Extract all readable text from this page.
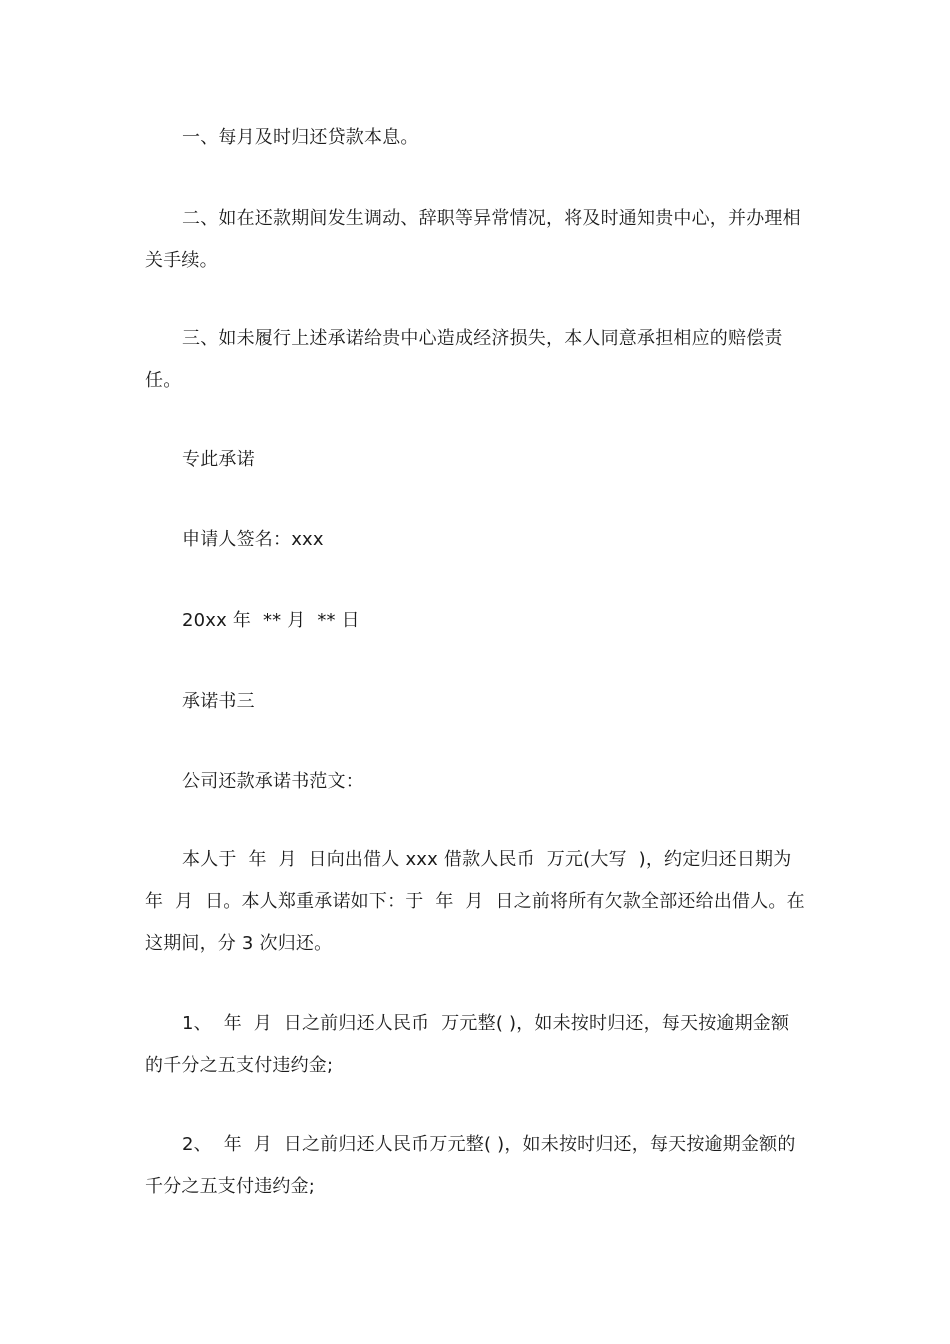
一、每月及时归还贷款本息。

二、如在还款期间发生调动、辞职等异常情况，将及时通知贵中心，并办理相关手续。

三、如未履行上述承诺给贵中心造成经济损失，本人同意承担相应的赔偿责任。

专此承诺

申请人签名：xxx

20xx 年  ** 月  ** 日

承诺书三

公司还款承诺书范文：

本人于  年  月  日向出借人 xxx 借款人民币  万元(大写  )，约定归还日期为  年  月  日。本人郑重承诺如下：于  年  月  日之前将所有欠款全部还给出借人。在这期间，分 3 次归还。

1、  年  月  日之前归还人民币  万元整( )，如未按时归还，每天按逾期金额的千分之五支付违约金;

2、  年  月  日之前归还人民币万元整( )，如未按时归还，每天按逾期金额的千分之五支付违约金;
